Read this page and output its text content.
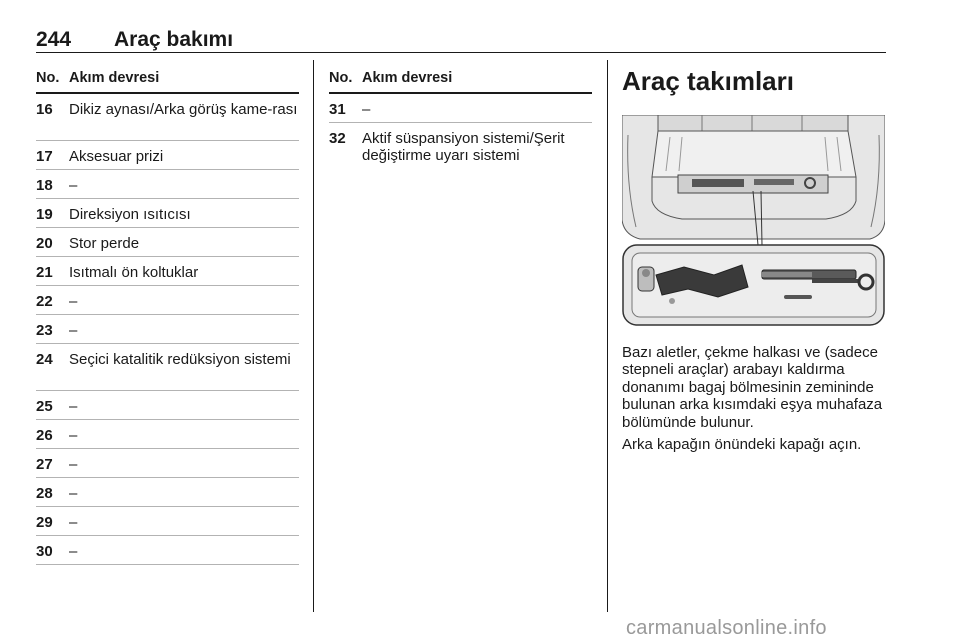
244 Araç bakımı
No. Akım devresi
16 Dikiz aynası/Arka görüş kame-rası
17 Aksesuar prizi
18 –
19 Direksiyon ısıtıcısı
20 Stor perde
21 Isıtmalı ön koltuklar
22 –
23 –
24 Seçici katalitik redüksiyon sistemi
25 –
26 –
27 –
28 –
29 –
30 –
No. Akım devresi
31 –
32 Aktif süspansiyon sistemi/Şerit değiştirme uyarı sistemi
Araç takımları
Bazı aletler, çekme halkası ve (sadece stepneli araçlar) arabayı kaldırma donanımı bagaj bölmesinin zemininde bulunan arka kısımdaki eşya muhafaza bölümünde bulunur.
Arka kapağın önündeki kapağı açın.
carmanualsonline.info
